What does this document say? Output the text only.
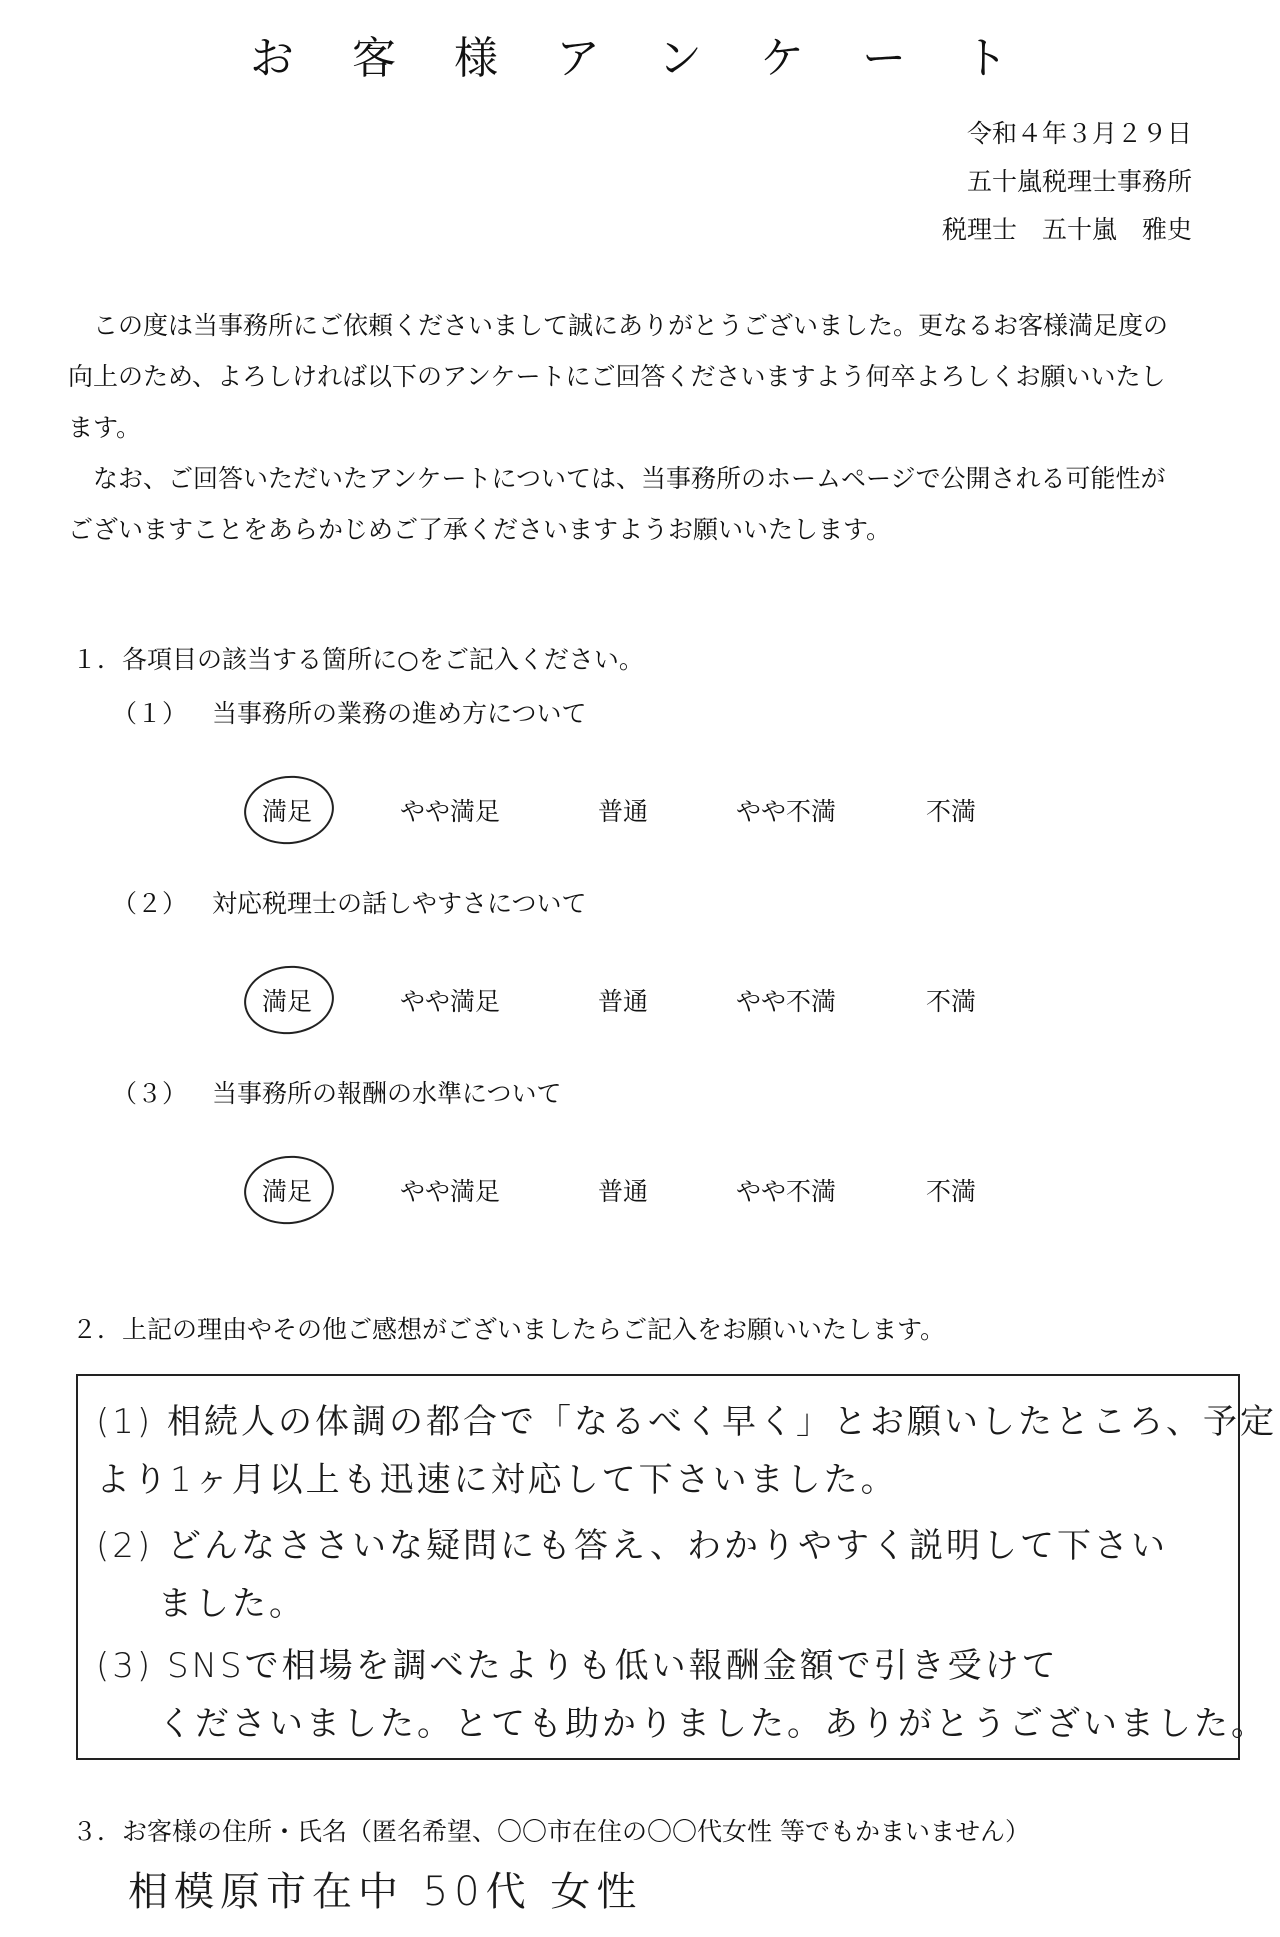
お 客 様 ア ン ケ ー ト
令和４年３月２９日
五十嵐税理士事務所
税理士　五十嵐　雅史

この度は当事務所にご依頼くださいまして誠にありがとうございました。更なるお客様満足度の向上のため、よろしければ以下のアンケートにご回答くださいますよう何卒よろしくお願いいたします。

なお、ご回答いただいたアンケートについては、当事務所のホームページで公開される可能性がございますことをあらかじめご了承くださいますようお願いいたします。

１．各項目の該当する箇所に○をご記入ください。
（１） 当事務所の業務の進め方について
満足	やや満足	普通	やや不満	不満
（２） 対応税理士の話しやすさについて
満足	やや満足	普通	やや不満	不満
（３） 当事務所の報酬の水準について
満足	やや満足	普通	やや不満	不満
２．上記の理由やその他ご感想がございましたらご記入をお願いいたします。
(1) 相続人の体調の都合で「なるべく早く」とお願いしたところ、予定
より1ヶ月以上も迅速に対応して下さいました。
(2) どんなささいな疑問にも答え、わかりやすく説明して下さい
ました。
(3) SNSで相場を調べたよりも低い報酬金額で引き受けて
くださいました。とても助かりました。ありがとうございました。
３．お客様の住所・氏名（匿名希望、〇〇市在住の〇〇代女性 等でもかまいません）
相模原市在中 50代 女性
